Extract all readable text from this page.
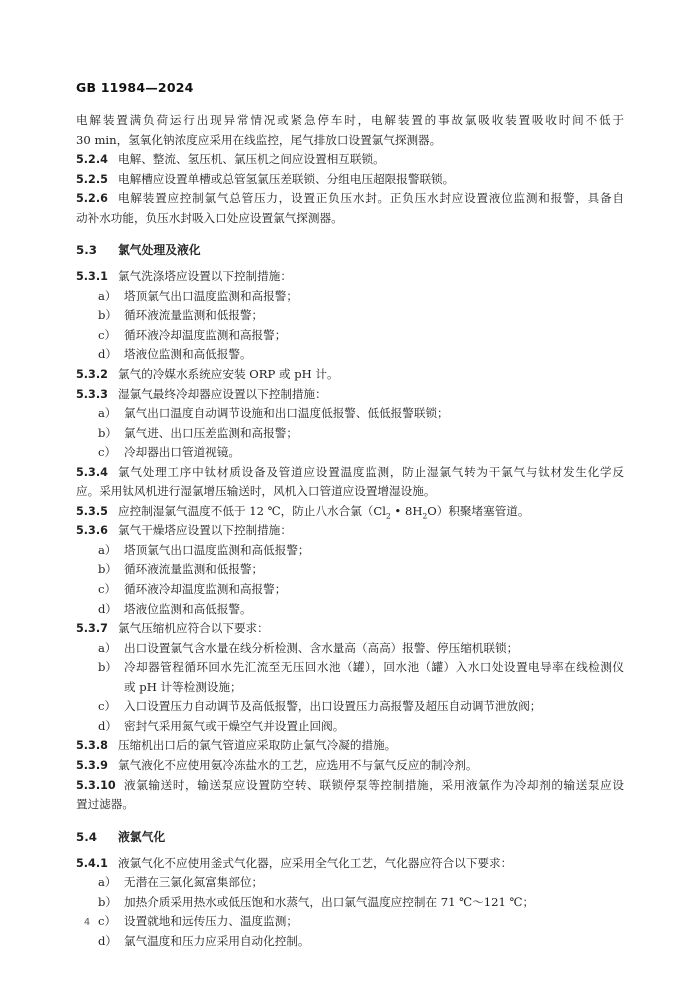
GB 11984—2024
电解装置满负荷运行出现异常情况或紧急停车时，电解装置的事故氯吸收装置吸收时间不低于
30 min，氢氧化钠浓度应采用在线监控，尾气排放口设置氯气探测器。
5.2.4 电解、整流、氢压机、氯压机之间应设置相互联锁。
5.2.5 电解槽应设置单槽或总管氢氯压差联锁、分组电压超限报警联锁。
5.2.6 电解装置应控制氯气总管压力，设置正负压水封。正负压水封应设置液位监测和报警，具备自
动补水功能，负压水封吸入口处应设置氯气探测器。
5.3	氯气处理及液化
5.3.1 氯气洗涤塔应设置以下控制措施：
a） 塔顶氯气出口温度监测和高报警；
b） 循环液流量监测和低报警；
c） 循环液冷却温度监测和高报警；
d） 塔液位监测和高低报警。
5.3.2 氯气的冷媒水系统应安装 ORP 或 pH 计。
5.3.3 湿氯气最终冷却器应设置以下控制措施：
a） 氯气出口温度自动调节设施和出口温度低报警、低低报警联锁；
b） 氯气进、出口压差监测和高报警；
c） 冷却器出口管道视镜。
5.3.4 氯气处理工序中钛材质设备及管道应设置温度监测，防止湿氯气转为干氯气与钛材发生化学反
应。采用钛风机进行湿氯增压输送时，风机入口管道应设置增湿设施。
5.3.5 应控制湿氯气温度不低于 12 ℃，防止八水合氯（$Cl_2$ • $8H_2O$）积聚堵塞管道。
5.3.6 氯气干燥塔应设置以下控制措施：
a） 塔顶氯气出口温度监测和高低报警；
b） 循环液流量监测和低报警；
c） 循环液冷却温度监测和高报警；
d） 塔液位监测和高低报警。
5.3.7 氯气压缩机应符合以下要求：
a） 出口设置氯气含水量在线分析检测、含水量高（高高）报警、停压缩机联锁；
b） 冷却器管程循环回水先汇流至无压回水池（罐），回水池（罐）入水口处设置电导率在线检测仪
或 pH 计等检测设施；
c） 入口设置压力自动调节及高低报警，出口设置压力高报警及超压自动调节泄放阀；
d） 密封气采用氮气或干燥空气并设置止回阀。
5.3.8 压缩机出口后的氯气管道应采取防止氯气冷凝的措施。
5.3.9 氯气液化不应使用氨冷冻盐水的工艺，应选用不与氯气反应的制冷剂。
5.3.10 液氯输送时，输送泵应设置防空转、联锁停泵等控制措施，采用液氯作为冷却剂的输送泵应设
置过滤器。
5.4	液氯气化
5.4.1 液氯气化不应使用釜式气化器，应采用全气化工艺，气化器应符合以下要求：
a） 无潜在三氯化氮富集部位；
b） 加热介质采用热水或低压饱和水蒸气，出口氯气温度应控制在 71 ℃～121 ℃；
c） 设置就地和远传压力、温度监测；
d） 氯气温度和压力应采用自动化控制。
4
